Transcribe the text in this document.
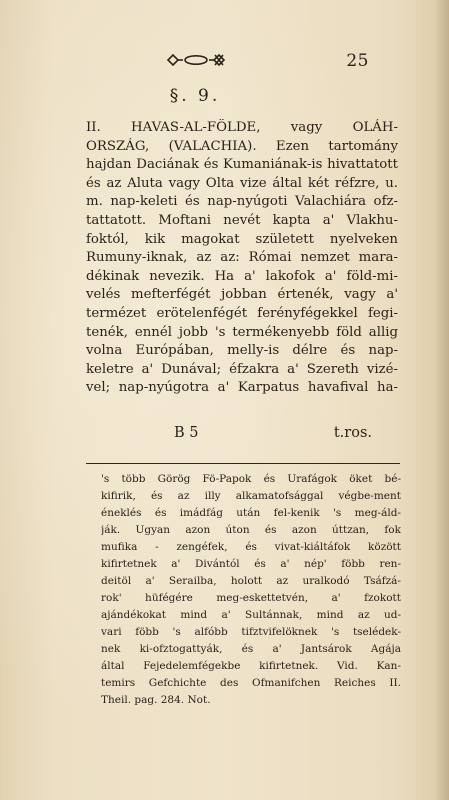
25
§. 9.
II. HAVAS-AL-FÖLDE, vagy OLÁH-
ORSZÁG, (VALACHIA). Ezen tartomány
hajdan Daciának és Kumaniának-is hivattatott
és az Aluta vagy Olta vize által két réfzre, u.
m. nap-keleti és nap-nyúgoti Valachiára ofz-
tattatott. Moftani nevét kapta a' Vlakhu-
foktól, kik magokat született nyelveken
Rumuny-iknak, az az: Római nemzet mara-
dékinak nevezik. Ha a' lakofok a' föld-mi-
velés mefterfégét jobban értenék, vagy a'
termézet erötelenfégét ferényfégekkel fegi-
tenék, ennél jobb 's termékenyebb föld allig
volna Európában, melly-is délre és nap-
keletre a' Dunával; éfzakra a' Szereth vizé-
vel; nap-nyúgotra a' Karpatus havafival ha-
B 5	t.ros.
's több Görög Fö-Papok és Urafágok öket bé-
kifirik, és az illy alkamatofsággal végbe-ment
éneklés és imádfág után fel-kenik 's meg-áld-
ják. Ugyan azon úton és azon úttzan, fok
mufika - zengéfek, és vivat-kiáltáfok között
kifirtetnek a' Divántól és a' nép' föbb ren-
deitöl a' Serailba, holott az uralkodó Tsáfzá-
rok' hüfégére meg-eskettetvén, a' fzokott
ajándékokat mind a' Sultánnak, mind az ud-
vari föbb 's alfóbb tifztvifelöknek 's tselédek-
nek ki-ofztogattyák, és a' Jantsárok Agája
által Fejedelemfégekbe kifirtetnek. Vid. Kan-
temirs Gefchichte des Ofmanifchen Reiches II.
Theil. pag. 284. Not.
